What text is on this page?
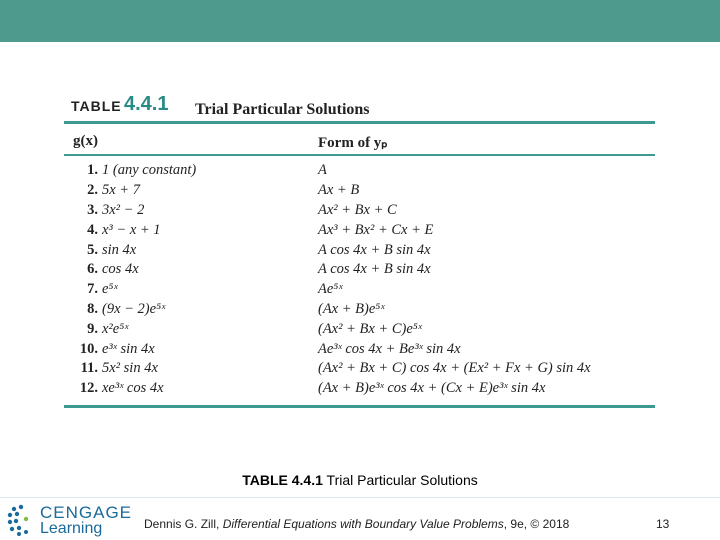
TABLE 4.4.1 Trial Particular Solutions
g(x)	Form of yₚ
1. 1 (any constant)	A
2. 5x + 7	Ax + B
3. 3x² − 2	Ax² + Bx + C
4. x³ − x + 1	Ax³ + Bx² + Cx + E
5. sin 4x	A cos 4x + B sin 4x
6. cos 4x	A cos 4x + B sin 4x
7. e⁵ˣ	Ae⁵ˣ
8. (9x − 2)e⁵ˣ	(Ax + B)e⁵ˣ
9. x²e⁵ˣ	(Ax² + Bx + C)e⁵ˣ
10. e³ˣ sin 4x	Ae³ˣ cos 4x + Be³ˣ sin 4x
11. 5x² sin 4x	(Ax² + Bx + C) cos 4x + (Ex² + Fx + G) sin 4x
12. xe³ˣ cos 4x	(Ax + B)e³ˣ cos 4x + (Cx + E)e³ˣ sin 4x
TABLE 4.4.1 Trial Particular Solutions
CENGAGE
Learning	Dennis G. Zill, Differential Equations with Boundary Value Problems, 9e, © 2018	13
